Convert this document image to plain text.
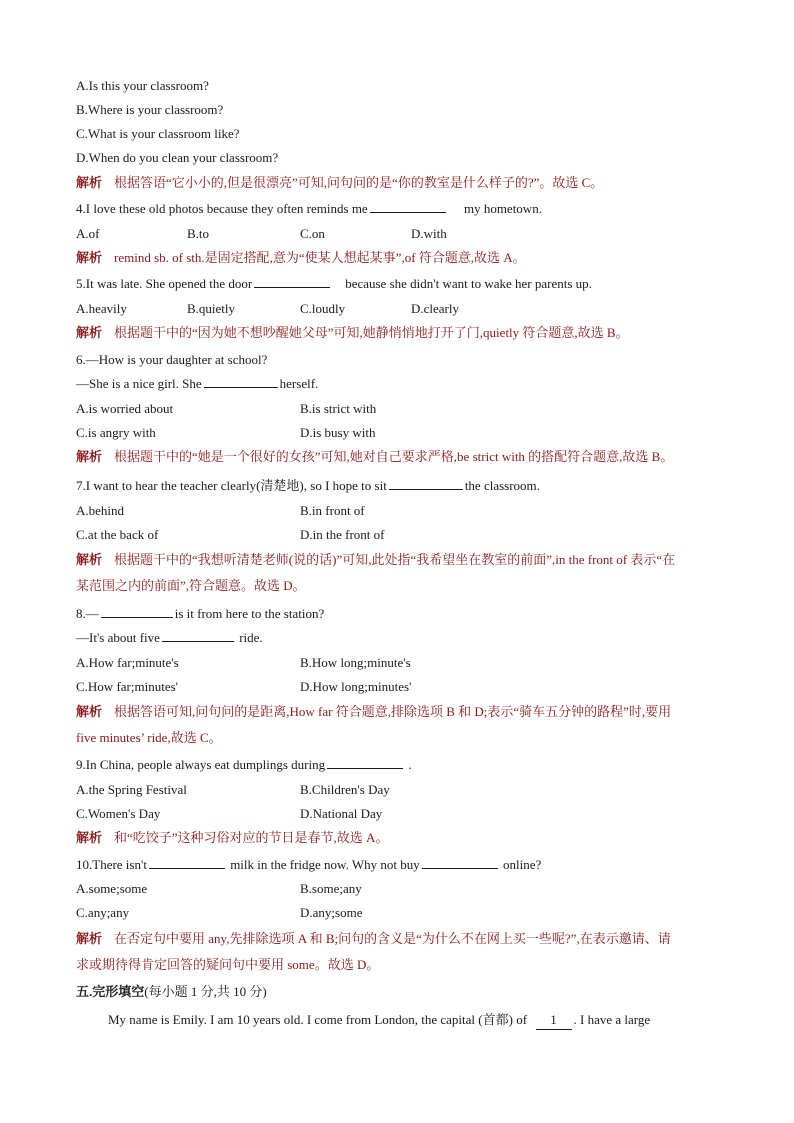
A.Is this your classroom?
B.Where is your classroom?
C.What is your classroom like?
D.When do you clean your classroom?
解析 根据答语“它小小的,但是很漂亮”可知,问句问的是“你的教室是什么样子的?”。故选 C。
4.I love these old photos because they often reminds me	my hometown.
A.of	B.to	C.on	D.with
解析 remind sb. of sth.是固定搭配,意为“使某人想起某事”,of 符合题意,故选 A。
5.It was late. She opened the door	because she didn't want to wake her parents up.
A.heavily	B.quietly	C.loudly	D.clearly
解析 根据题干中的“因为她不想吵醒她父母”可知,她静悄悄地打开了门,quietly 符合题意,故选 B。
6.—How is your daughter at school?
—She is a nice girl. She	herself.
A.is worried about	B.is strict with
C.is angry with	D.is busy with
解析 根据题干中的“她是一个很好的女孩”可知,她对自己要求严格,be strict with 的搭配符合题意,故选 B。
7.I want to hear the teacher clearly(清楚地), so I hope to sit	the classroom.
A.behind	B.in front of
C.at the back of	D.in the front of
解析 根据题干中的“我想听清楚老师(说的话)”可知,此处指“我希望坐在教室的前面”,in the front of 表示“在
某范围之内的前面”,符合题意。故选 D。
8.—	is it from here to the station?
—It's about five	ride.
A.How far;minute's	B.How long;minute's
C.How far;minutes'	D.How long;minutes'
解析 根据答语可知,问句问的是距离,How far 符合题意,排除选项 B 和 D;表示“骑车五分钟的路程”时,要用
five minutes’ ride,故选 C。
9.In China, people always eat dumplings during	.
A.the Spring Festival	B.Children's Day
C.Women's Day	D.National Day
解析 和“吃饺子”这种习俗对应的节日是春节,故选 A。
10.There isn't	milk in the fridge now. Why not buy	online?
A.some;some	B.some;any
C.any;any	D.any;some
解析 在否定句中要用 any,先排除选项 A 和 B;问句的含义是“为什么不在网上买一些呢?”,在表示邀请、请
求或期待得肯定回答的疑问句中要用 some。故选 D。
五.完形填空(每小题 1 分,共 10 分)
My name is Emily. I am 10 years old. I come from London, the capital (首都) of 1 . I have a large
